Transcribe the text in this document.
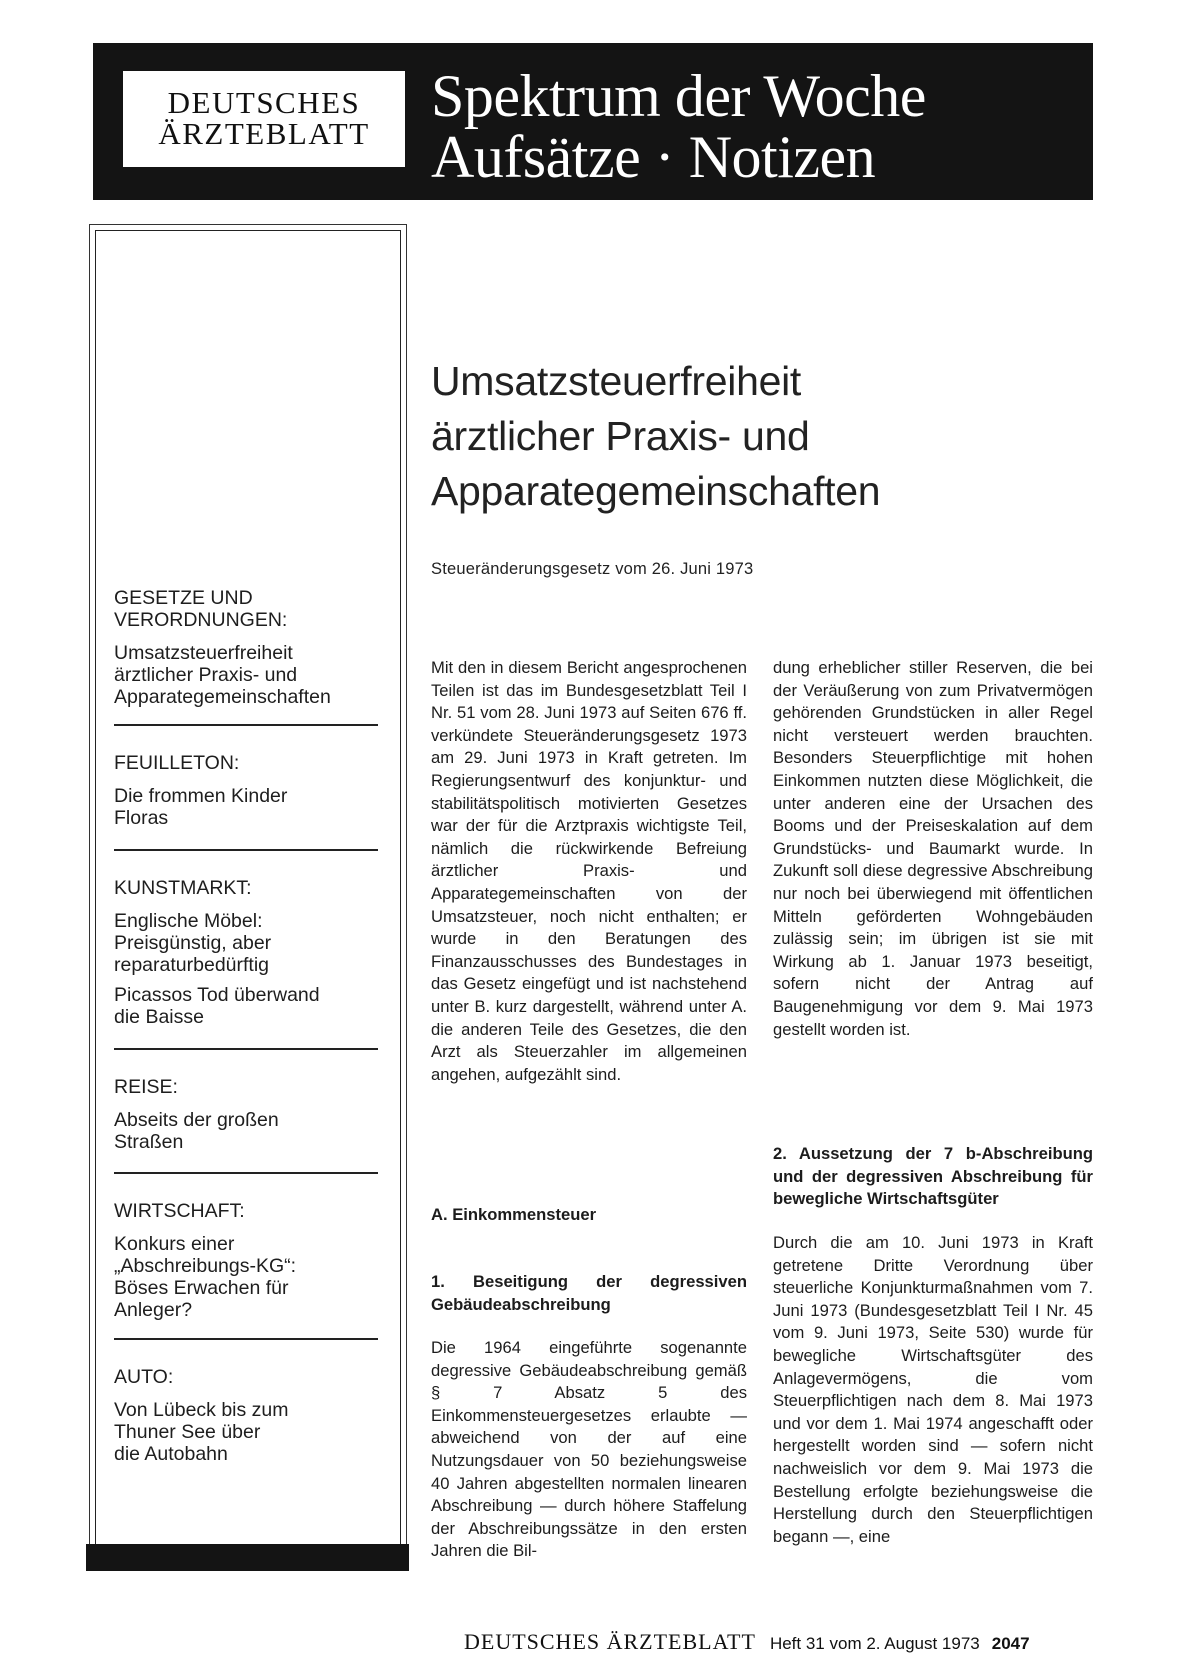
DEUTSCHES
ÄRZTEBLATT
Spektrum der Woche
Aufsätze · Notizen
GESETZE UND
VERORDNUNGEN:
Umsatzsteuerfreiheit
ärztlicher Praxis- und
Apparategemeinschaften
FEUILLETON:
Die frommen Kinder
Floras
KUNSTMARKT:
Englische Möbel:
Preisgünstig, aber
reparaturbedürftig
Picassos Tod überwand
die Baisse
REISE:
Abseits der großen
Straßen
WIRTSCHAFT:
Konkurs einer
„Abschreibungs-KG“:
Böses Erwachen für
Anleger?
AUTO:
Von Lübeck bis zum
Thuner See über
die Autobahn
Umsatzsteuerfreiheit
ärztlicher Praxis- und
Apparategemeinschaften
Steueränderungsgesetz vom 26. Juni 1973

Mit den in diesem Bericht angesprochenen Teilen ist das im Bundesgesetzblatt Teil I Nr. 51 vom 28. Juni 1973 auf Seiten 676 ff. verkündete Steueränderungsgesetz 1973 am 29. Juni 1973 in Kraft getreten. Im Regierungsentwurf des konjunktur- und stabilitätspolitisch motivierten Gesetzes war der für die Arztpraxis wichtigste Teil, nämlich die rückwirkende Befreiung ärztlicher Praxis- und Apparategemeinschaften von der Umsatzsteuer, noch nicht enthalten; er wurde in den Beratungen des Finanzausschusses des Bundestages in das Gesetz eingefügt und ist nachstehend unter B. kurz dargestellt, während unter A. die anderen Teile des Gesetzes, die den Arzt als Steuerzahler im allgemeinen angehen, aufgezählt sind.

A. Einkommensteuer

1. Beseitigung der degressiven Gebäudeabschreibung

Die 1964 eingeführte sogenannte degressive Gebäudeabschreibung gemäß § 7 Absatz 5 des Einkommensteuergesetzes erlaubte — abweichend von der auf eine Nutzungsdauer von 50 beziehungsweise 40 Jahren abgestellten normalen linearen Abschreibung — durch höhere Staffelung der Abschreibungssätze in den ersten Jahren die Bil-

dung erheblicher stiller Reserven, die bei der Veräußerung von zum Privatvermögen gehörenden Grundstücken in aller Regel nicht versteuert werden brauchten. Besonders Steuerpflichtige mit hohen Einkommen nutzten diese Möglichkeit, die unter anderen eine der Ursachen des Booms und der Preiseskalation auf dem Grundstücks- und Baumarkt wurde. In Zukunft soll diese degressive Abschreibung nur noch bei überwiegend mit öffentlichen Mitteln geförderten Wohngebäuden zulässig sein; im übrigen ist sie mit Wirkung ab 1. Januar 1973 beseitigt, sofern nicht der Antrag auf Baugenehmigung vor dem 9. Mai 1973 gestellt worden ist.

2. Aussetzung der 7 b-Abschreibung und der degressiven Abschreibung für bewegliche Wirtschaftsgüter

Durch die am 10. Juni 1973 in Kraft getretene Dritte Verordnung über steuerliche Konjunkturmaßnahmen vom 7. Juni 1973 (Bundesgesetzblatt Teil I Nr. 45 vom 9. Juni 1973, Seite 530) wurde für bewegliche Wirtschaftsgüter des Anlagevermögens, die vom Steuerpflichtigen nach dem 8. Mai 1973 und vor dem 1. Mai 1974 angeschafft oder hergestellt worden sind — sofern nicht nachweislich vor dem 9. Mai 1973 die Bestellung erfolgte beziehungsweise die Herstellung durch den Steuerpflichtigen begann —, eine

DEUTSCHES ÄRZTEBLATT Heft 31 vom 2. August 1973 2047
